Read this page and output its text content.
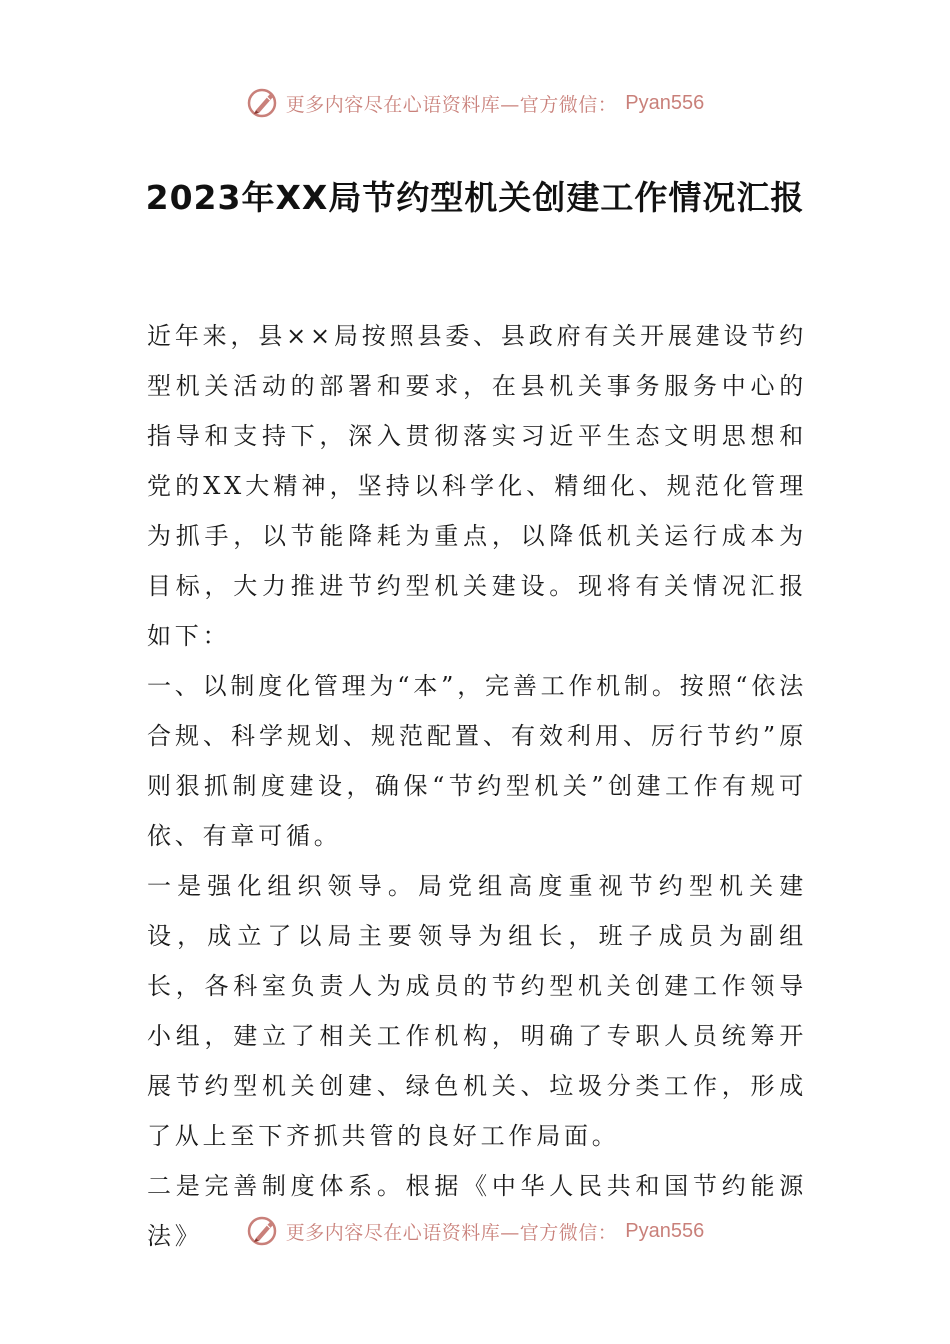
更多内容尽在心语资料库—官方微信： Pyan556
2023年XX局节约型机关创建工作情况汇报

近年来，县××局按照县委、县政府有关开展建设节约型机关活动的部署和要求，在县机关事务服务中心的指导和支持下，深入贯彻落实习近平生态文明思想和党的XX大精神，坚持以科学化、精细化、规范化管理为抓手，以节能降耗为重点，以降低机关运行成本为目标，大力推进节约型机关建设。现将有关情况汇报如下：

一、以制度化管理为“本”，完善工作机制。按照“依法合规、科学规划、规范配置、有效利用、厉行节约”原则狠抓制度建设，确保“节约型机关”创建工作有规可依、有章可循。

一是强化组织领导。局党组高度重视节约型机关建设，成立了以局主要领导为组长，班子成员为副组长，各科室负责人为成员的节约型机关创建工作领导小组，建立了相关工作机构，明确了专职人员统筹开展节约型机关创建、绿色机关、垃圾分类工作，形成了从上至下齐抓共管的良好工作局面。

二是完善制度体系。根据《中华人民共和国节约能源法》	更多内容尽在心语资料库—官方微信： Pyan556
